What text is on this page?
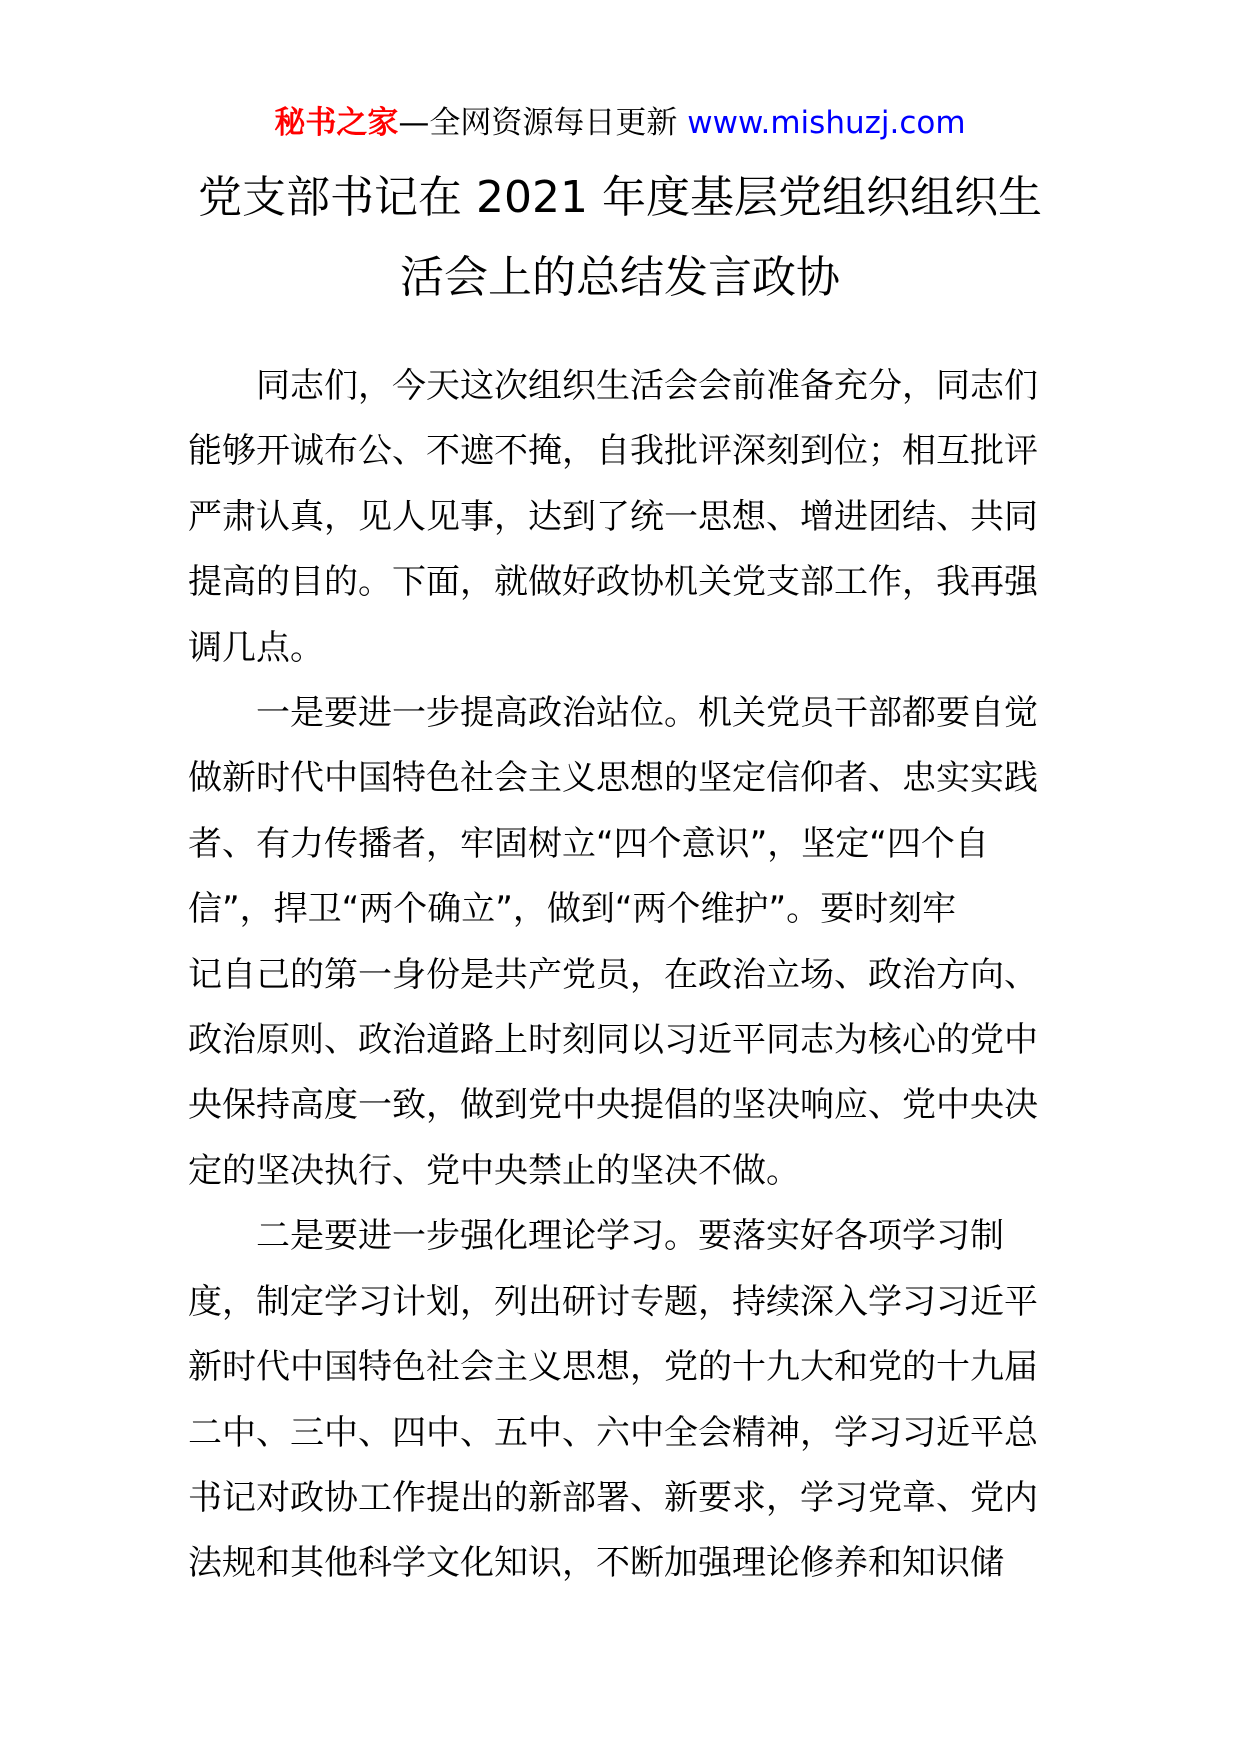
秘书之家—全网资源每日更新 www.mishuzj.com
党支部书记在 2021 年度基层党组织组织生
活会上的总结发言政协

同志们，今天这次组织生活会会前准备充分，同志们
能够开诚布公、不遮不掩，自我批评深刻到位；相互批评
严肃认真，见人见事，达到了统一思想、增进团结、共同
提高的目的。下面，就做好政协机关党支部工作，我再强
调几点。

一是要进一步提高政治站位。机关党员干部都要自觉
做新时代中国特色社会主义思想的坚定信仰者、忠实实践
者、有力传播者，牢固树立“四个意识”，坚定“四个自
信”，捍卫“两个确立”，做到“两个维护”。要时刻牢
记自己的第一身份是共产党员，在政治立场、政治方向、
政治原则、政治道路上时刻同以习近平同志为核心的党中
央保持高度一致，做到党中央提倡的坚决响应、党中央决
定的坚决执行、党中央禁止的坚决不做。

二是要进一步强化理论学习。要落实好各项学习制
度，制定学习计划，列出研讨专题，持续深入学习习近平
新时代中国特色社会主义思想，党的十九大和党的十九届
二中、三中、四中、五中、六中全会精神，学习习近平总
书记对政协工作提出的新部署、新要求，学习党章、党内
法规和其他科学文化知识，不断加强理论修养和知识储
